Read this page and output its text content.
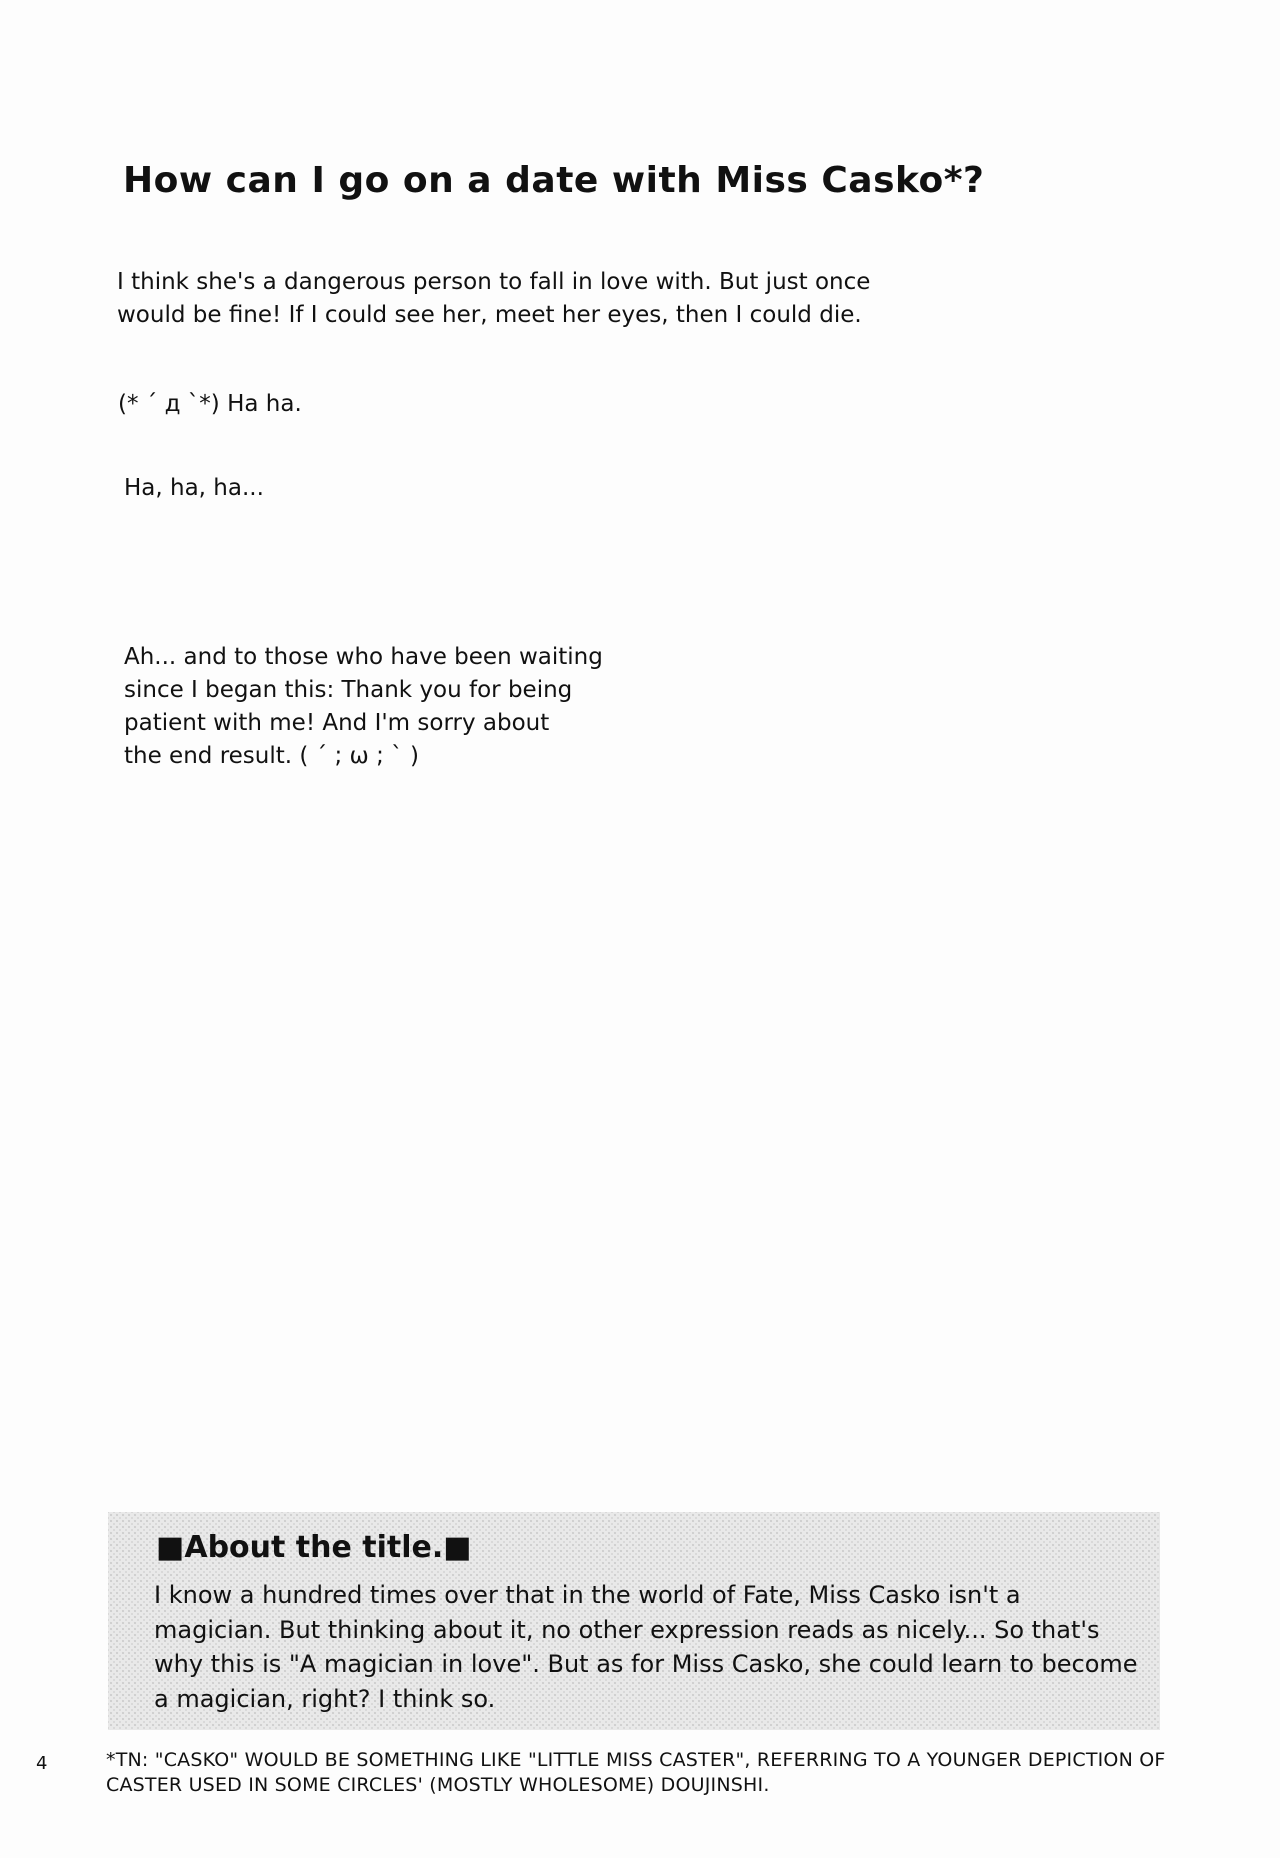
How can I go on a date with Miss Casko*?

I think she's a dangerous person to fall in love with. But just once
would be fine! If I could see her, meet her eyes, then I could die.

(* ´ д `*) Ha ha.

Ha, ha, ha...

Ah... and to those who have been waiting
since I began this: Thank you for being
patient with me! And I'm sorry about
the end result. ( ´ ; ω ; ` )

■About the title.■

I know a hundred times over that in the world of Fate, Miss Casko isn't a magician. But thinking about it, no other expression reads as nicely... So that's why this is "A magician in love". But as for Miss Casko, she could learn to become a magician, right? I think so.

4	*TN: "CASKO" WOULD BE SOMETHING LIKE "LITTLE MISS CASTER", REFERRING TO A YOUNGER DEPICTION OF CASTER USED IN SOME CIRCLES' (MOSTLY WHOLESOME) DOUJINSHI.
